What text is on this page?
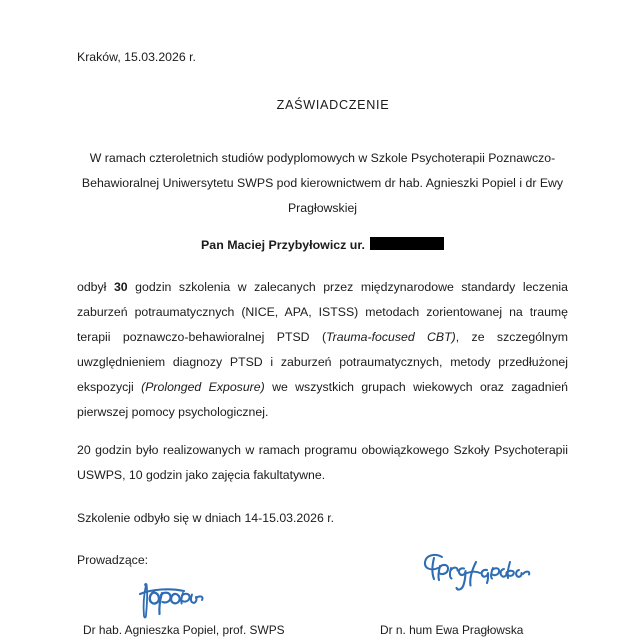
Kraków, 15.03.2026 r.
ZAŚWIADCZENIE
W ramach czteroletnich studiów podyplomowych w Szkole Psychoterapii Poznawczo-Behawioralnej Uniwersytetu SWPS pod kierownictwem dr hab. Agnieszki Popiel i dr Ewy Pragłowskiej
Pan Maciej Przybyłowicz ur.
odbył 30 godzin szkolenia w zalecanych przez międzynarodowe standardy leczenia zaburzeń potraumatycznych (NICE, APA, ISTSS) metodach zorientowanej na traumę terapii poznawczo-behawioralnej PTSD (Trauma-focused CBT), ze szczególnym uwzględnieniem diagnozy PTSD i zaburzeń potraumatycznych, metody przedłużonej ekspozycji (Prolonged Exposure) we wszystkich grupach wiekowych oraz zagadnień pierwszej pomocy psychologicznej.
20 godzin było realizowanych w ramach programu obowiązkowego Szkoły Psychoterapii USWPS, 10 godzin jako zajęcia fakultatywne.
Szkolenie odbyło się w dniach 14-15.03.2026 r.
Prowadzące:
Dr hab. Agnieszka Popiel, prof. SWPS	Dr n. hum Ewa Pragłowska
